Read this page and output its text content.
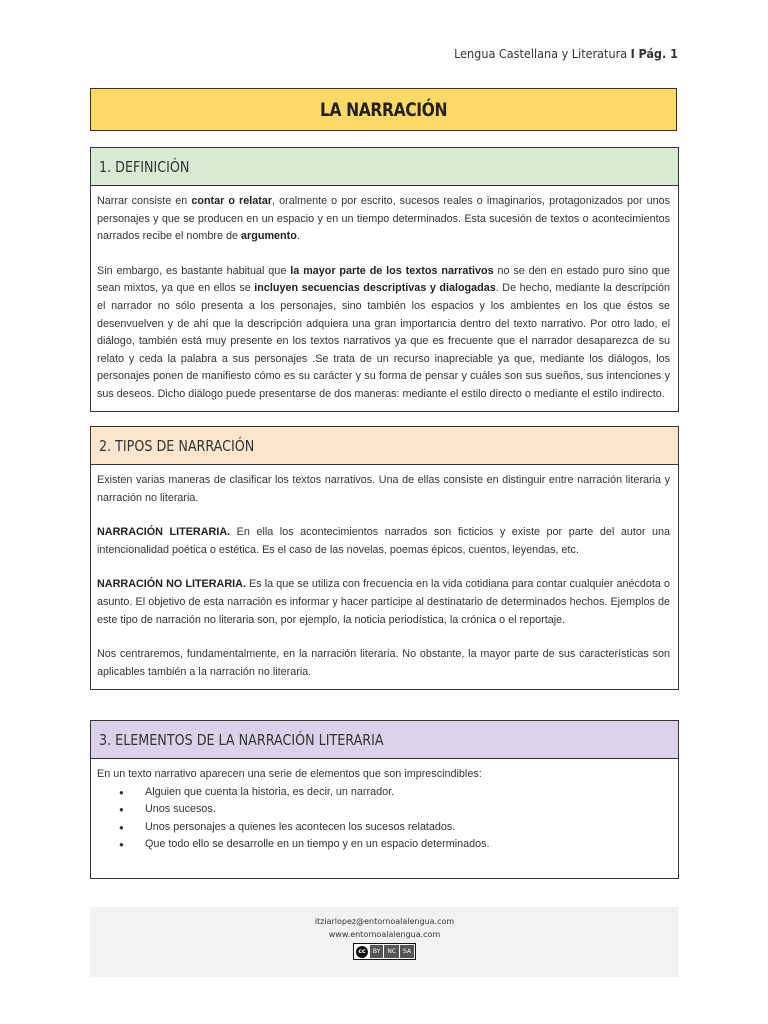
Lengua Castellana y Literatura I Pág. 1
LA NARRACIÓN
1. DEFINICIÓN

Narrar consiste en contar o relatar, oralmente o por escrito, sucesos reales o imaginarios, protagonizados por unos personajes y que se producen en un espacio y en un tiempo determinados. Esta sucesión de textos o acontecimientos narrados recibe el nombre de argumento.

Sin embargo, es bastante habitual que la mayor parte de los textos narrativos no se den en estado puro sino que sean mixtos, ya que en ellos se incluyen secuencias descriptivas y dialogadas. De hecho, mediante la descripción el narrador no sólo presenta a los personajes, sino también los espacios y los ambientes en los que éstos se desenvuelven y de ahí que la descripción adquiera una gran importancia dentro del texto narrativo. Por otro lado, el diálogo, también está muy presente en los textos narrativos ya que es frecuente que el narrador desaparezca de su relato y ceda la palabra a sus personajes .Se trata de un recurso inapreciable ya que, mediante los diálogos, los personajes ponen de manifiesto cómo es su carácter y su forma de pensar y cuáles son sus sueños, sus intenciones y sus deseos. Dicho diálogo puede presentarse de dos maneras: mediante el estilo directo o mediante el estilo indirecto.

2. TIPOS DE NARRACIÓN

Existen varias maneras de clasificar los textos narrativos. Una de ellas consiste en distinguir entre narración literaria y narración no literaria.

NARRACIÓN LITERARIA. En ella los acontecimientos narrados son ficticios y existe por parte del autor una intencionalidad poética o estética. Es el caso de las novelas, poemas épicos, cuentos, leyendas, etc.

NARRACIÓN NO LITERARIA. Es la que se utiliza con frecuencia en la vida cotidiana para contar cualquier anécdota o asunto. El objetivo de esta narración es informar y hacer partícipe al destinatario de determinados hechos. Ejemplos de este tipo de narración no literaria son, por ejemplo, la noticia periodística, la crónica o el reportaje.

Nos centraremos, fundamentalmente, en la narración literaria. No obstante, la mayor parte de sus características son aplicables también a la narración no literaria.

3. ELEMENTOS DE LA NARRACIÓN LITERARIA
En un texto narrativo aparecen una serie de elementos que son imprescindibles:
● Alguien que cuenta la historia, es decir, un narrador.
● Unos sucesos.
● Unos personajes a quienes les acontecen los sucesos relatados.
● Que todo ello se desarrolle en un tiempo y en un espacio determinados.
itziarlopez@entornoalalengua.com
www.entornoalalengua.com
cc	BY	NC	SA
